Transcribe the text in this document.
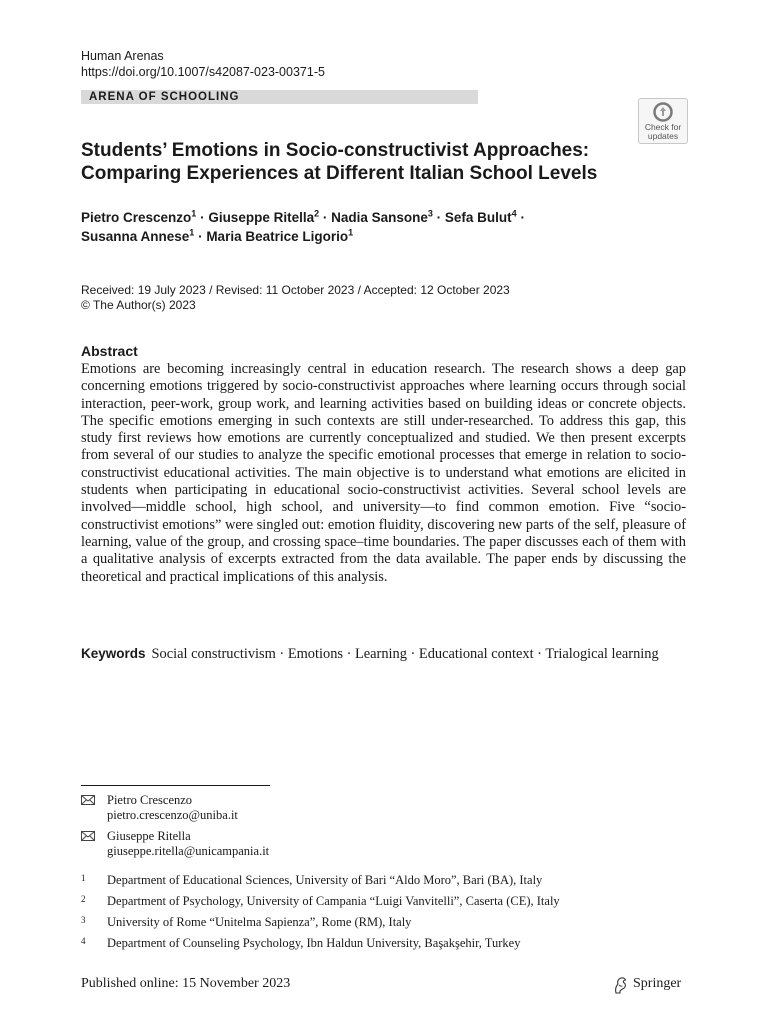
Human Arenas
https://doi.org/10.1007/s42087-023-00371-5
ARENA OF SCHOOLING
Check for
updates
Students’ Emotions in Socio-constructivist Approaches:
Comparing Experiences at Different Italian School Levels
Pietro Crescenzo$^1$ · Giuseppe Ritella$^2$ · Nadia Sansone$^3$ · Sefa Bulut$^4$ ·
Susanna Annese$^1$ · Maria Beatrice Ligorio$^1$
Received: 19 July 2023 / Revised: 11 October 2023 / Accepted: 12 October 2023
© The Author(s) 2023
Abstract
Emotions are becoming increasingly central in education research. The research shows a deep gap concerning emotions triggered by socio-constructivist approaches where learning occurs through social interaction, peer-work, group work, and learning activities based on building ideas or concrete objects. The specific emotions emerging in such contexts are still under-researched. To address this gap, this study first reviews how emotions are currently conceptualized and studied. We then present excerpts from several of our studies to analyze the specific emotional processes that emerge in relation to socio-constructivist educational activities. The main objective is to understand what emotions are elicited in students when participating in educational socio-constructivist activities. Several school levels are involved—middle school, high school, and university—to find common emotion. Five “socio-constructivist emotions” were singled out: emotion fluidity, discovering new parts of the self, pleasure of learning, value of the group, and crossing space–time boundaries. The paper discusses each of them with a qualitative analysis of excerpts extracted from the data available. The paper ends by discussing the theoretical and practical implications of this analysis.
Keywords Social constructivism · Emotions · Learning · Educational context · Trialogical learning
Pietro Crescenzo
pietro.crescenzo@uniba.it
Giuseppe Ritella
giuseppe.ritella@unicampania.it
1 Department of Educational Sciences, University of Bari “Aldo Moro”, Bari (BA), Italy
2 Department of Psychology, University of Campania “Luigi Vanvitelli”, Caserta (CE), Italy
3 University of Rome “Unitelma Sapienza”, Rome (RM), Italy
4 Department of Counseling Psychology, Ibn Haldun University, Başakşehir, Turkey
Published online: 15 November 2023	Springer
